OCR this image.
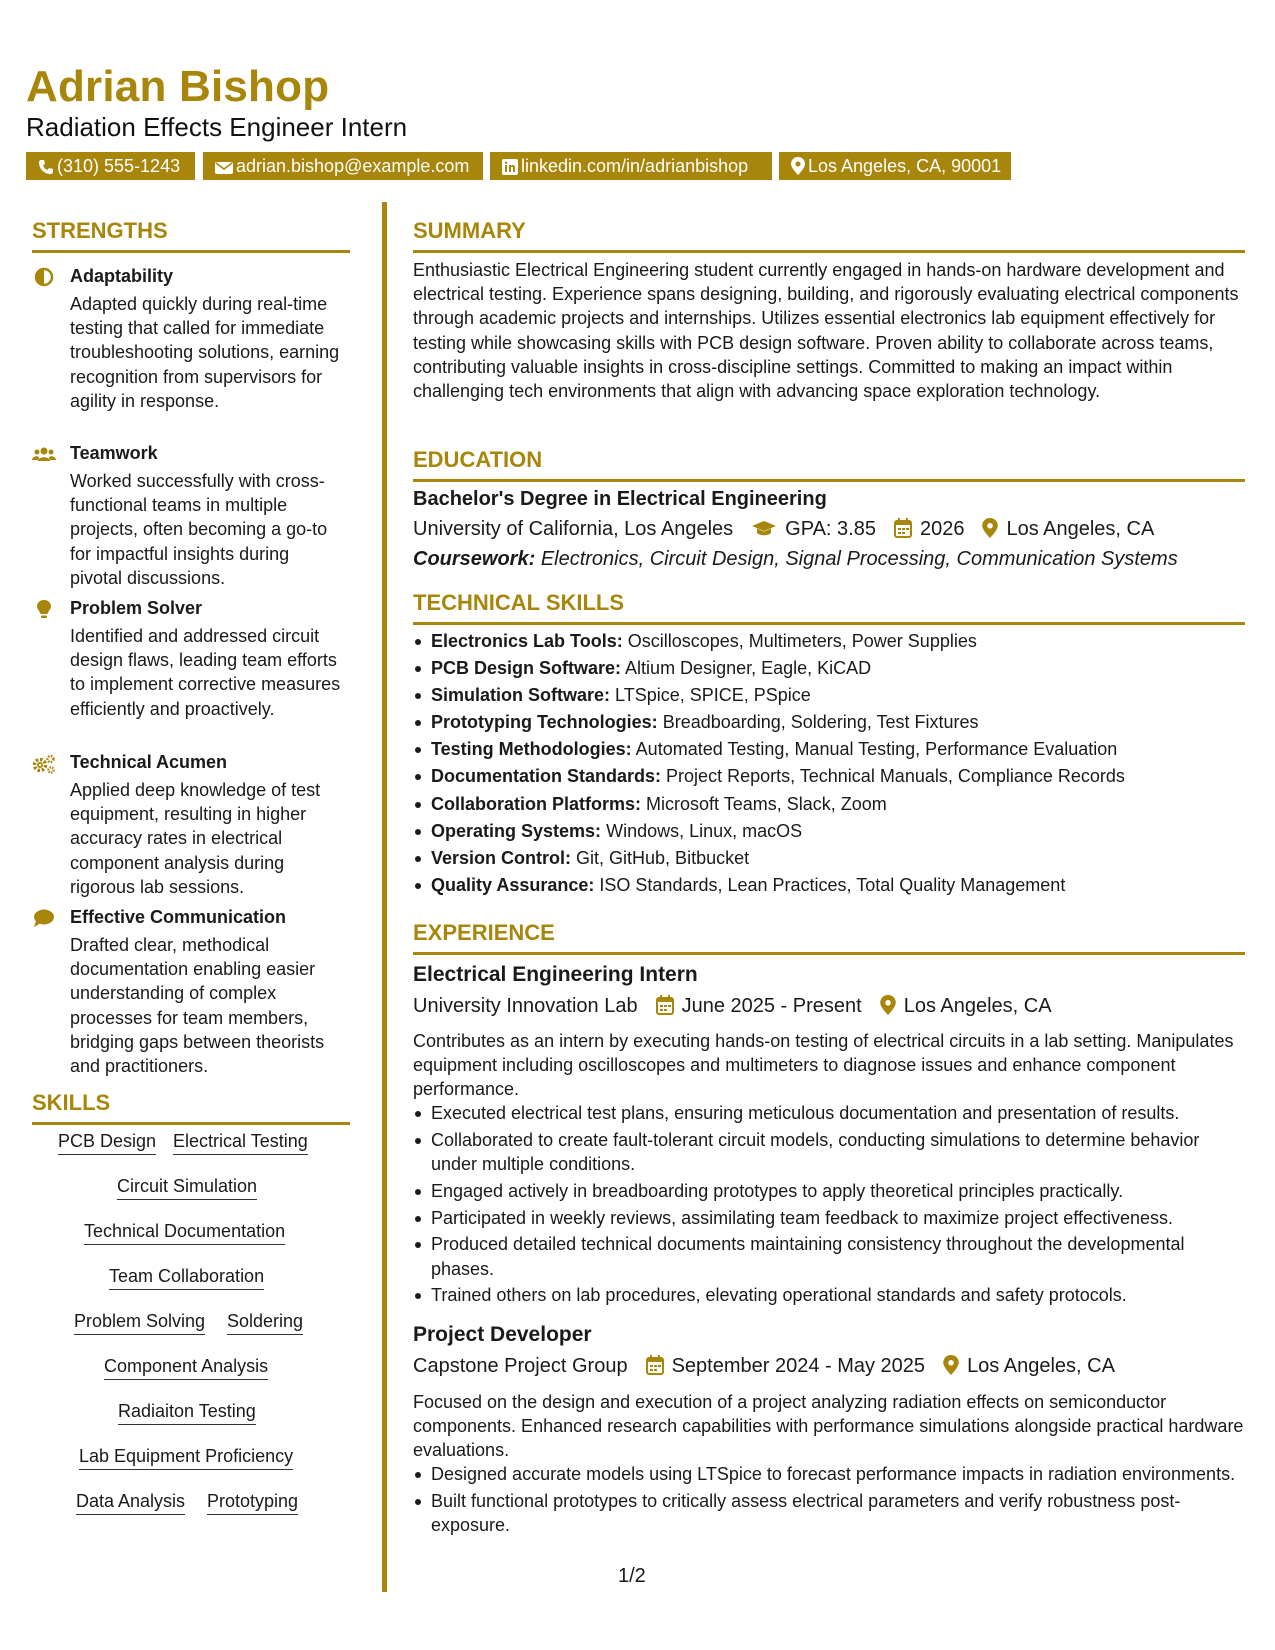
Adrian Bishop
Radiation Effects Engineer Intern
(310) 555-1243	adrian.bishop@example.com	linkedin.com/in/adrianbishop	Los Angeles, CA, 90001
STRENGTHS
Adaptability
Adapted quickly during real-time testing that called for immediate troubleshooting solutions, earning recognition from supervisors for agility in response.
Teamwork
Worked successfully with cross-functional teams in multiple projects, often becoming a go-to for impactful insights during pivotal discussions.
Problem Solver
Identified and addressed circuit design flaws, leading team efforts to implement corrective measures efficiently and proactively.
Technical Acumen
Applied deep knowledge of test equipment, resulting in higher accuracy rates in electrical component analysis during rigorous lab sessions.
Effective Communication
Drafted clear, methodical documentation enabling easier understanding of complex processes for team members, bridging gaps between theorists and practitioners.
SKILLS
PCB Design Electrical Testing
Circuit Simulation
Technical Documentation
Team Collaboration
Problem Solving Soldering
Component Analysis
Radiaiton Testing
Lab Equipment Proficiency
Data Analysis Prototyping
SUMMARY
Enthusiastic Electrical Engineering student currently engaged in hands-on hardware development and electrical testing. Experience spans designing, building, and rigorously evaluating electrical components through academic projects and internships. Utilizes essential electronics lab equipment effectively for testing while showcasing skills with PCB design software. Proven ability to collaborate across teams, contributing valuable insights in cross-discipline settings. Committed to making an impact within challenging tech environments that align with advancing space exploration technology.
EDUCATION
Bachelor's Degree in Electrical Engineering
University of California, Los Angeles	GPA: 3.85 2026 Los Angeles, CA
Coursework: Electronics, Circuit Design, Signal Processing, Communication Systems
TECHNICAL SKILLS
Electronics Lab Tools: Oscilloscopes, Multimeters, Power Supplies
PCB Design Software: Altium Designer, Eagle, KiCAD
Simulation Software: LTSpice, SPICE, PSpice
Prototyping Technologies: Breadboarding, Soldering, Test Fixtures
Testing Methodologies: Automated Testing, Manual Testing, Performance Evaluation
Documentation Standards: Project Reports, Technical Manuals, Compliance Records
Collaboration Platforms: Microsoft Teams, Slack, Zoom
Operating Systems: Windows, Linux, macOS
Version Control: Git, GitHub, Bitbucket
Quality Assurance: ISO Standards, Lean Practices, Total Quality Management
EXPERIENCE
Electrical Engineering Intern
University Innovation Lab June 2025 - Present Los Angeles, CA
Contributes as an intern by executing hands-on testing of electrical circuits in a lab setting. Manipulates equipment including oscilloscopes and multimeters to diagnose issues and enhance component performance.
Executed electrical test plans, ensuring meticulous documentation and presentation of results.
Collaborated to create fault-tolerant circuit models, conducting simulations to determine behavior under multiple conditions.
Engaged actively in breadboarding prototypes to apply theoretical principles practically.
Participated in weekly reviews, assimilating team feedback to maximize project effectiveness.
Produced detailed technical documents maintaining consistency throughout the developmental phases.
Trained others on lab procedures, elevating operational standards and safety protocols.
Project Developer
Capstone Project Group September 2024 - May 2025 Los Angeles, CA
Focused on the design and execution of a project analyzing radiation effects on semiconductor components. Enhanced research capabilities with performance simulations alongside practical hardware evaluations.
Designed accurate models using LTSpice to forecast performance impacts in radiation environments.
Built functional prototypes to critically assess electrical parameters and verify robustness post-exposure.
1/2
